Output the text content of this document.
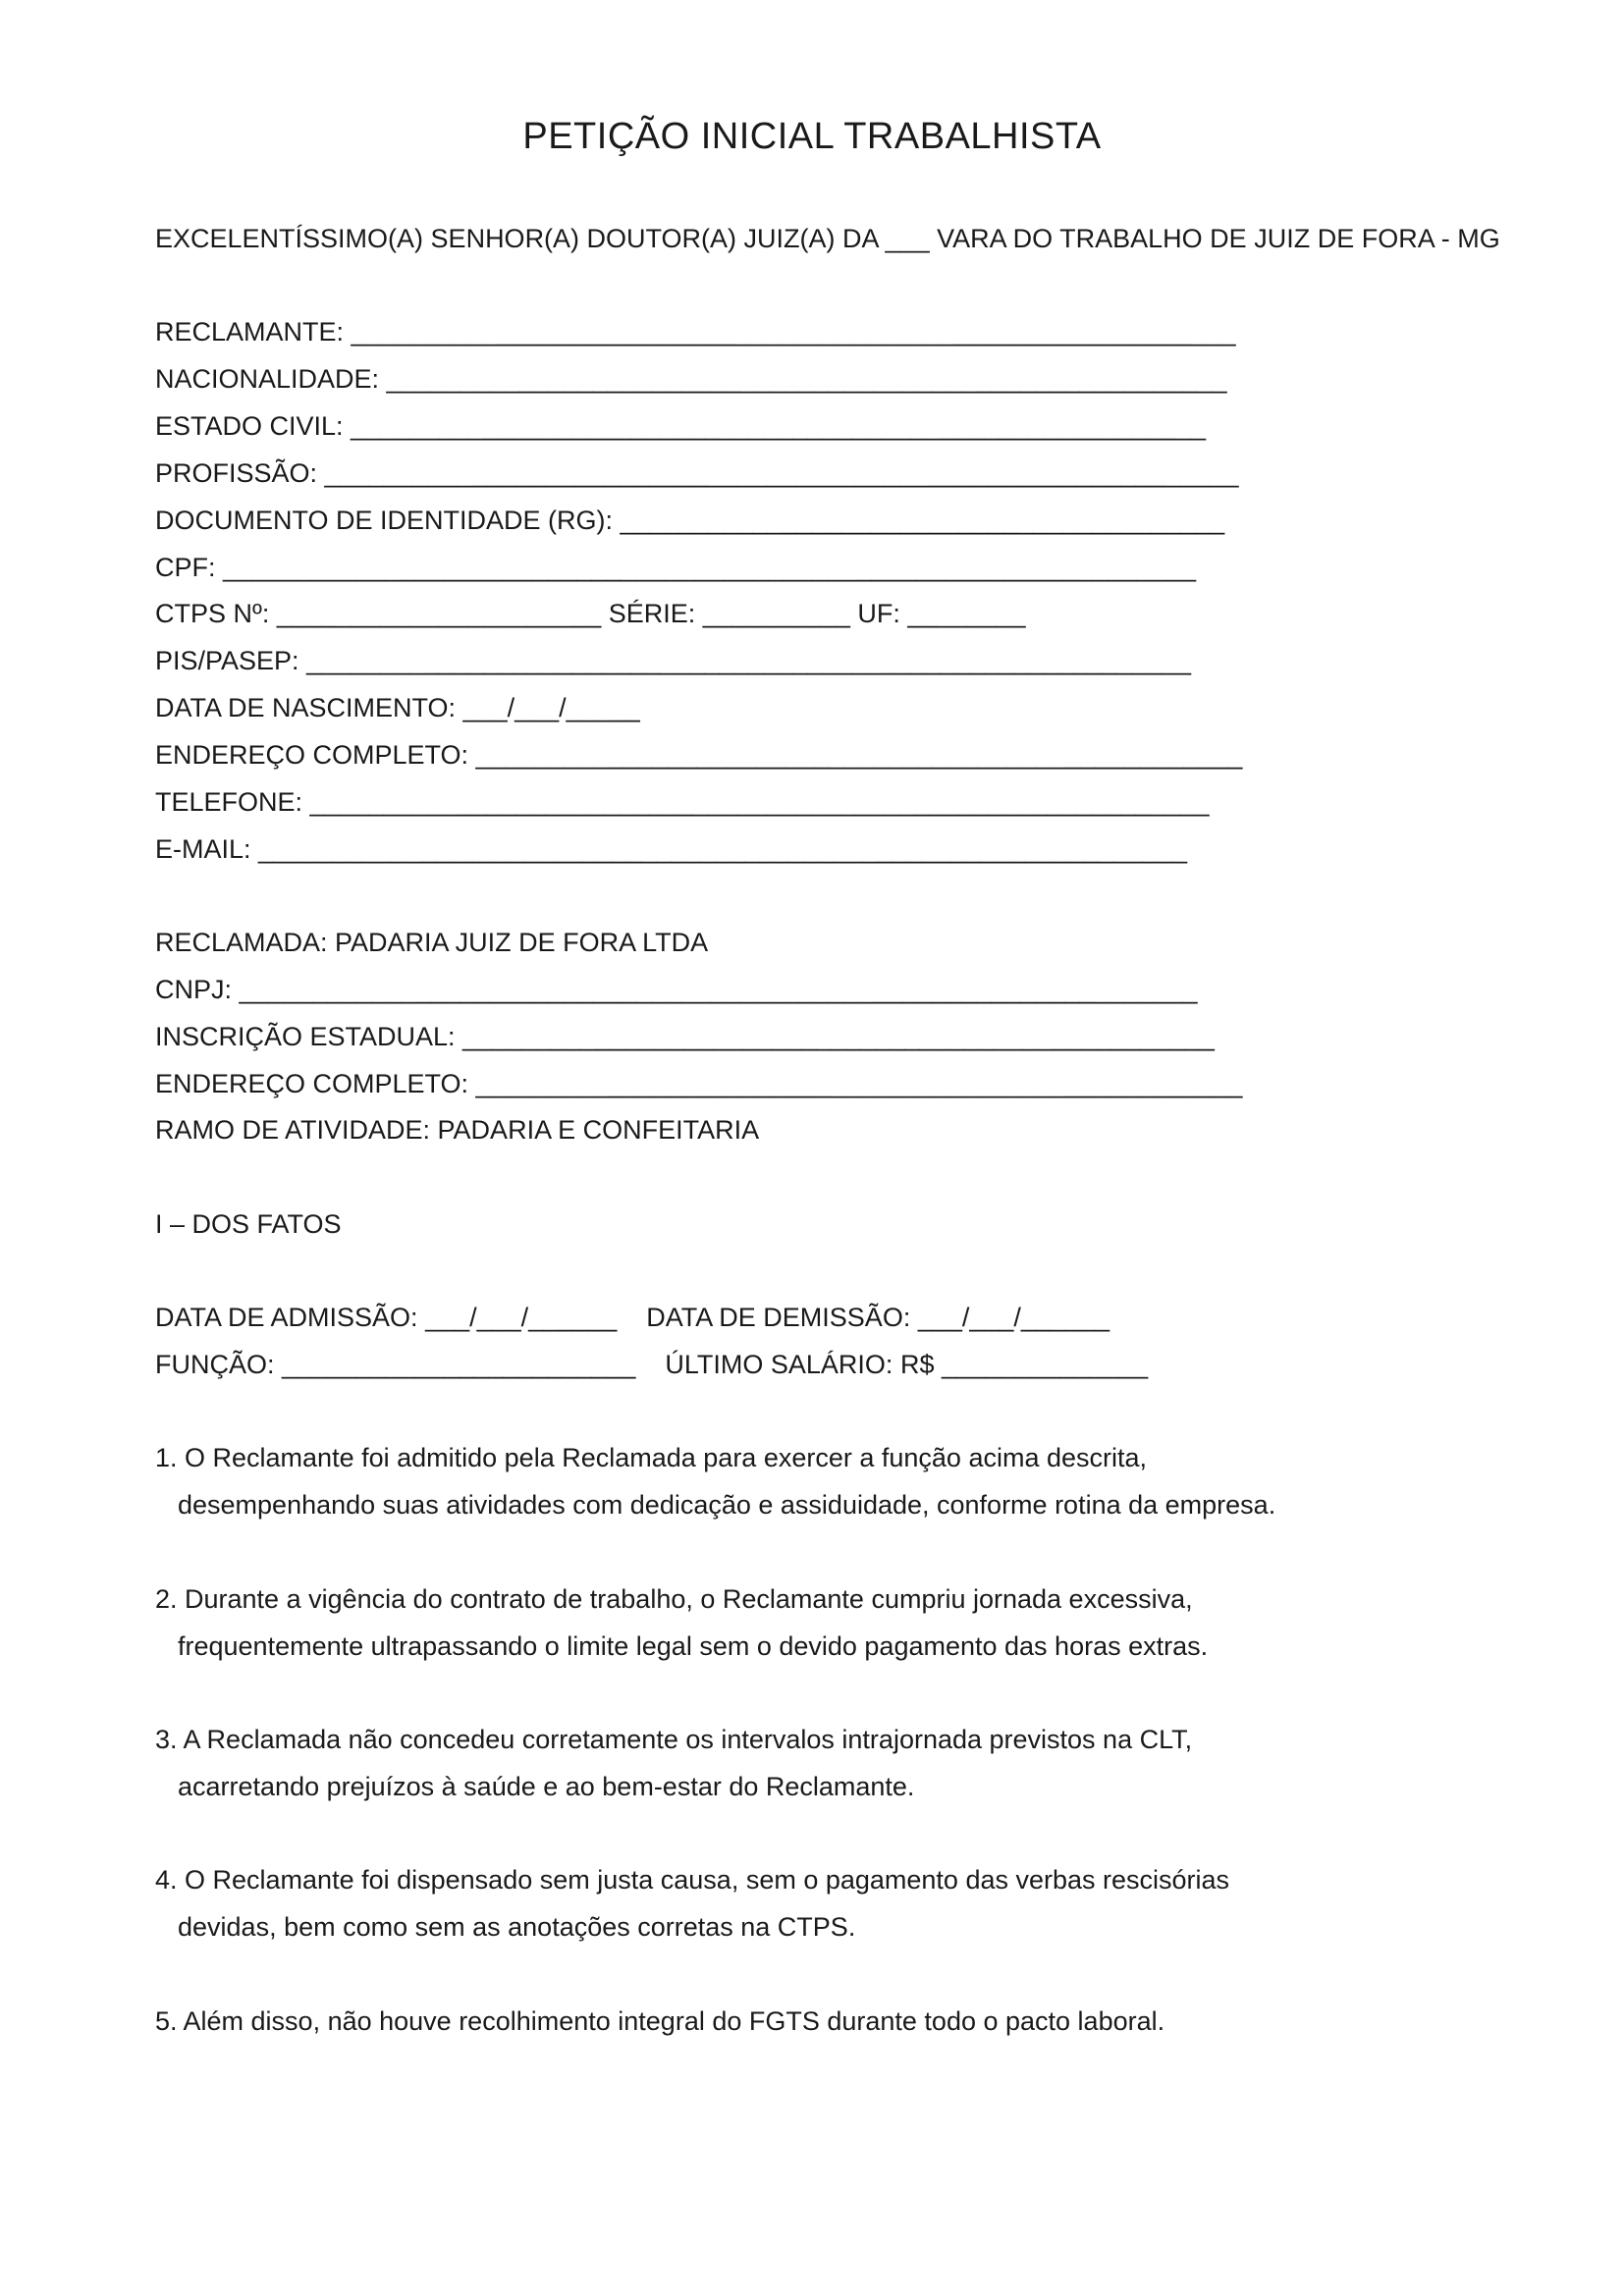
PETIÇÃO INICIAL TRABALHISTA
EXCELENTÍSSIMO(A) SENHOR(A) DOUTOR(A) JUIZ(A) DA ___ VARA DO TRABALHO DE JUIZ DE FORA - MG
RECLAMANTE: ____________________________________________________________
NACIONALIDADE: _________________________________________________________
ESTADO CIVIL: __________________________________________________________
PROFISSÃO: ______________________________________________________________
DOCUMENTO DE IDENTIDADE (RG): _________________________________________
CPF: __________________________________________________________________
CTPS Nº: ______________________ SÉRIE: __________ UF: ________
PIS/PASEP: ____________________________________________________________
DATA DE NASCIMENTO: ___/___/_____
ENDEREÇO COMPLETO: ____________________________________________________
TELEFONE: _____________________________________________________________
E-MAIL: _______________________________________________________________
RECLAMADA: PADARIA JUIZ DE FORA LTDA
CNPJ: _________________________________________________________________
INSCRIÇÃO ESTADUAL: ___________________________________________________
ENDEREÇO COMPLETO: ____________________________________________________
RAMO DE ATIVIDADE: PADARIA E CONFEITARIA
I – DOS FATOS
DATA DE ADMISSÃO: ___/___/______    DATA DE DEMISSÃO: ___/___/______
FUNÇÃO: ________________________    ÚLTIMO SALÁRIO: R$ ______________
1. O Reclamante foi admitido pela Reclamada para exercer a função acima descrita,
desempenhando suas atividades com dedicação e assiduidade, conforme rotina da empresa.
2. Durante a vigência do contrato de trabalho, o Reclamante cumpriu jornada excessiva,
frequentemente ultrapassando o limite legal sem o devido pagamento das horas extras.
3. A Reclamada não concedeu corretamente os intervalos intrajornada previstos na CLT,
acarretando prejuízos à saúde e ao bem-estar do Reclamante.
4. O Reclamante foi dispensado sem justa causa, sem o pagamento das verbas rescisórias
devidas, bem como sem as anotações corretas na CTPS.
5. Além disso, não houve recolhimento integral do FGTS durante todo o pacto laboral.
